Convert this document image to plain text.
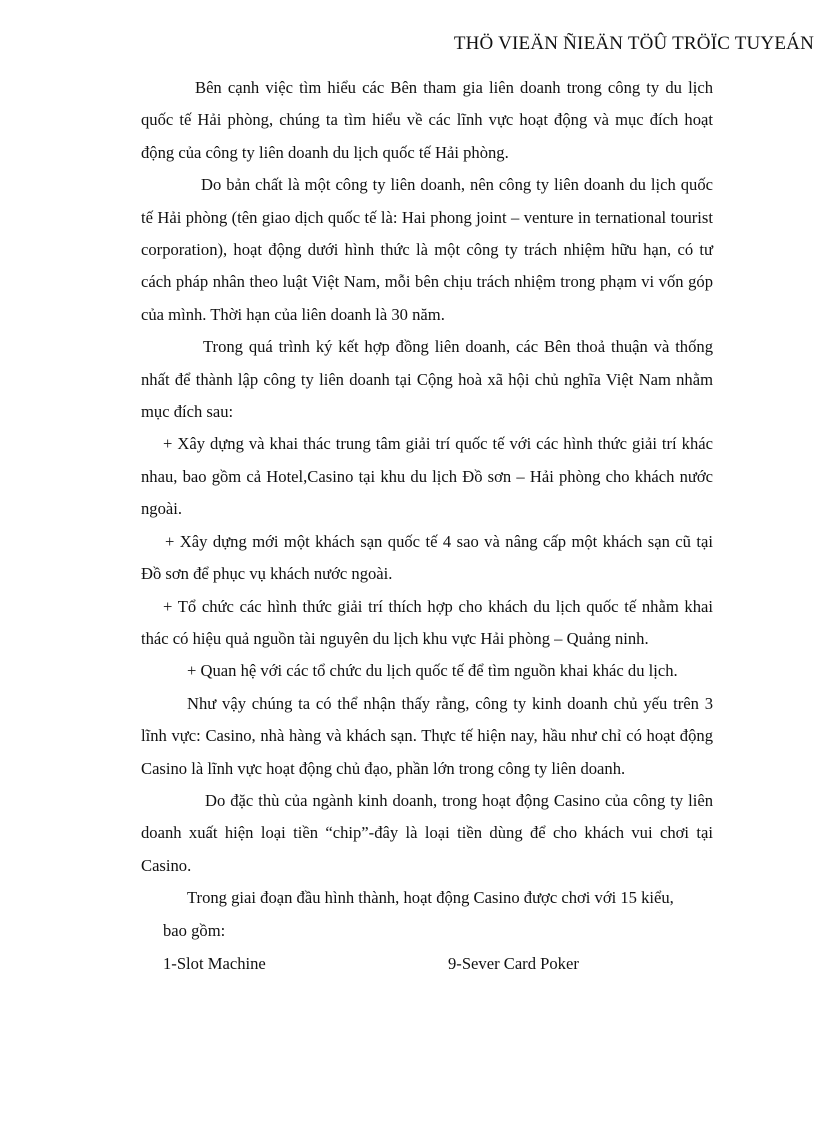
THÖ VIEÄN ÑIEÄN TÖÛ TRÖÏC TUYEÁN

Bên cạnh việc tìm hiểu các Bên tham gia liên doanh trong công ty du lịch quốc tế Hải phòng, chúng ta tìm hiểu về các lĩnh vực hoạt động và mục đích hoạt động của công ty liên doanh du lịch quốc tế Hải phòng.

Do bản chất là một công ty liên doanh, nên công ty liên doanh du lịch quốc tế Hải phòng (tên giao dịch quốc tế là: Hai phong joint – venture in ternational tourist corporation), hoạt động dưới hình thức là một công ty trách nhiệm hữu hạn, có tư cách pháp nhân theo luật Việt Nam, mỗi bên chịu trách nhiệm trong phạm vi vốn góp của mình. Thời hạn của liên doanh là 30 năm.

Trong quá trình ký kết hợp đồng liên doanh, các Bên thoả thuận và thống nhất để thành lập công ty liên doanh tại Cộng hoà xã hội chủ nghĩa Việt Nam nhằm mục đích sau:

+ Xây dựng và khai thác trung tâm giải trí quốc tế với các hình thức giải trí khác nhau, bao gồm cả Hotel,Casino tại khu du lịch Đồ sơn – Hải phòng cho khách nước ngoài.

+ Xây dựng mới một khách sạn quốc tế 4 sao và nâng cấp một khách sạn cũ tại Đồ sơn để phục vụ khách nước ngoài.

+ Tổ chức các hình thức giải trí thích hợp cho khách du lịch quốc tế nhằm khai thác có hiệu quả nguồn tài nguyên du lịch khu vực Hải phòng – Quảng ninh.

+ Quan hệ với các tổ chức du lịch quốc tế để tìm nguồn khai khác du lịch.

Như vậy chúng ta có thể nhận thấy rằng, công ty kinh doanh chủ yếu trên 3 lĩnh vực: Casino, nhà hàng và khách sạn. Thực tế hiện nay, hầu như chỉ có hoạt động Casino là lĩnh vực hoạt động chủ đạo, phần lớn trong công ty liên doanh.

Do đặc thù của ngành kinh doanh, trong hoạt động Casino của công ty liên doanh xuất hiện loại tiền “chip”-đây là loại tiền dùng để cho khách vui chơi tại Casino.

Trong giai đoạn đầu hình thành, hoạt động Casino được chơi với 15 kiểu,

bao gồm:

1-Slot Machine	9-Sever Card Poker
